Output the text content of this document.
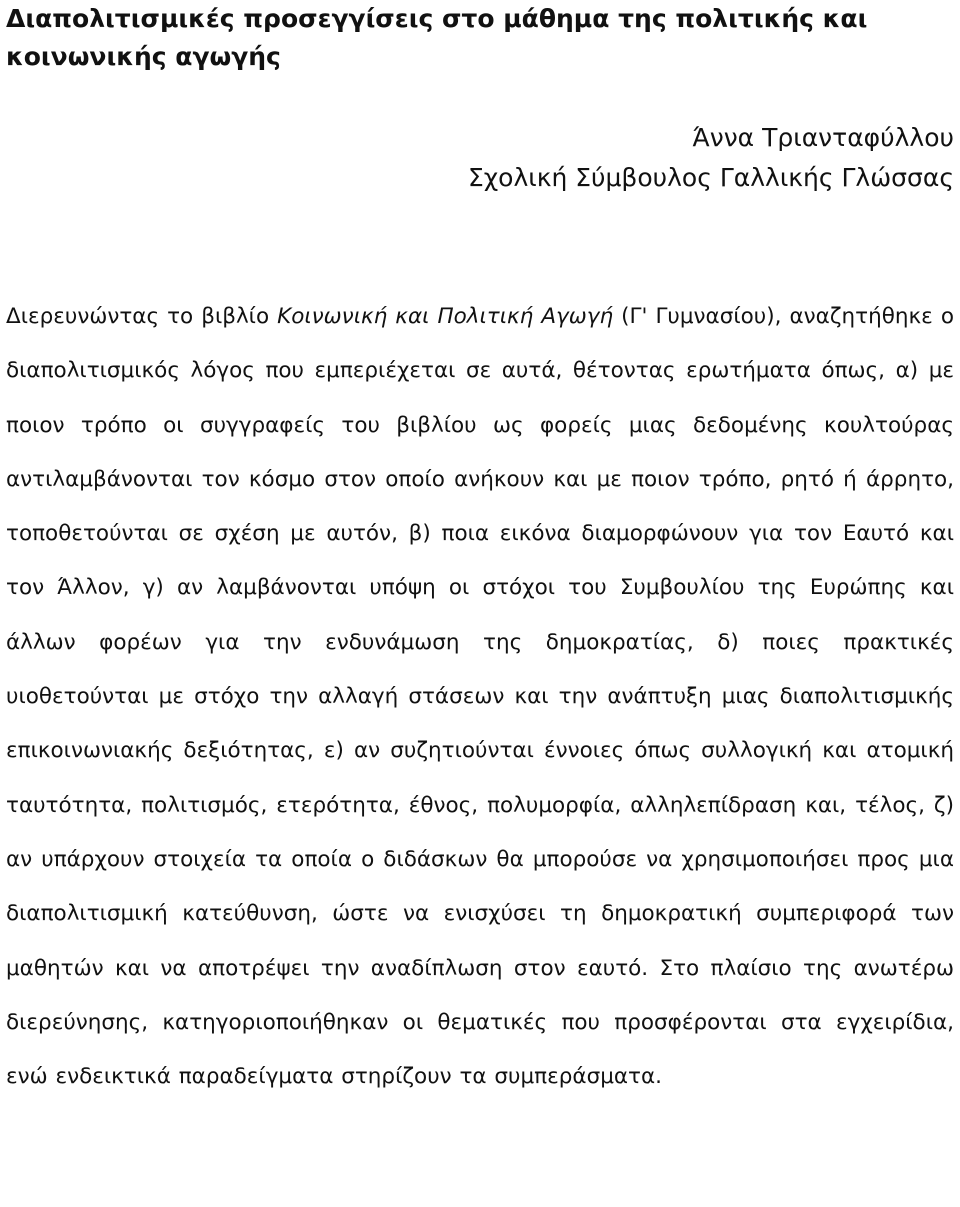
Διαπολιτισμικές προσεγγίσεις στο μάθημα της πολιτικής και κοινωνικής αγωγής
Άννα Τριανταφύλλου
Σχολική Σύμβουλος Γαλλικής Γλώσσας

Διερευνώντας το βιβλίο Κοινωνική και Πολιτική Αγωγή (Γ' Γυμνασίου), αναζητήθηκε ο διαπολιτισμικός λόγος που εμπεριέχεται σε αυτά, θέτοντας ερωτήματα όπως, α) με ποιον τρόπο οι συγγραφείς του βιβλίου ως φορείς μιας δεδομένης κουλτούρας αντιλαμβάνονται τον κόσμο στον οποίο ανήκουν και με ποιον τρόπο, ρητό ή άρρητο, τοποθετούνται σε σχέση με αυτόν, β) ποια εικόνα διαμορφώνουν για τον Εαυτό και τον Άλλον, γ) αν λαμβάνονται υπόψη οι στόχοι του Συμβουλίου της Ευρώπης και άλλων φορέων για την ενδυνάμωση της δημοκρατίας, δ) ποιες πρακτικές υιοθετούνται με στόχο την αλλαγή στάσεων και την ανάπτυξη μιας διαπολιτισμικής επικοινωνιακής δεξιότητας, ε) αν συζητιούνται έννοιες όπως συλλογική και ατομική ταυτότητα, πολιτισμός, ετερότητα, έθνος, πολυμορφία, αλληλεπίδραση και, τέλος, ζ) αν υπάρχουν στοιχεία τα οποία ο διδάσκων θα μπορούσε να χρησιμοποιήσει προς μια διαπολιτισμική κατεύθυνση, ώστε να ενισχύσει τη δημοκρατική συμπεριφορά των μαθητών και να αποτρέψει την αναδίπλωση στον εαυτό. Στο πλαίσιο της ανωτέρω διερεύνησης, κατηγοριοποιήθηκαν οι θεματικές που προσφέρονται στα εγχειρίδια, ενώ ενδεικτικά παραδείγματα στηρίζουν τα συμπεράσματα.
